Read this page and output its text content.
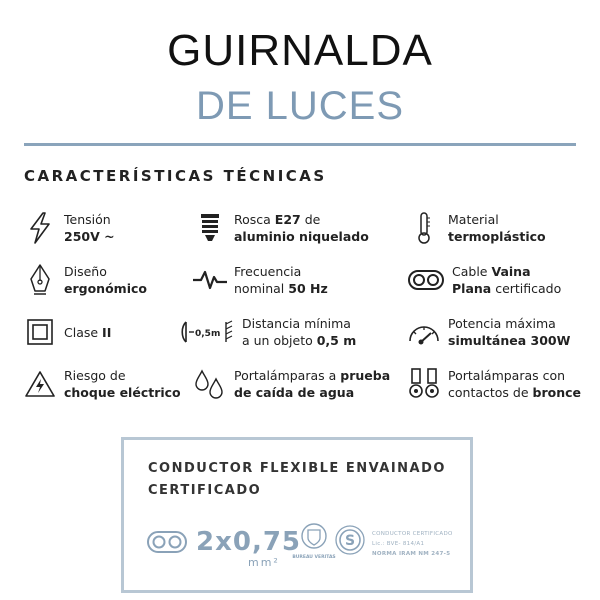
GUIRNALDA
DE LUCES
CARACTERÍSTICAS TÉCNICAS
Tensión
250V ~
Rosca E27 de
aluminio niquelado
Material
termoplástico
Diseño
ergonómico
Frecuencia
nominal 50 Hz
Cable Vaina
Plana certificado
Clase II	0,5m
Distancia mínima
a un objeto 0,5 m
Potencia máxima
simultánea 300W
Riesgo de
choque eléctrico
Portalámparas a prueba
de caída de agua
Portalámparas con
contactos de bronce
CONDUCTOR FLEXIBLE ENVAINADO
CERTIFICADO
2x0,75
mm²	BUREAU VERITAS
S	CONDUCTOR CERTIFICADO
Lic.: BVE- 814/A1
NORMA IRAM NM 247-5
